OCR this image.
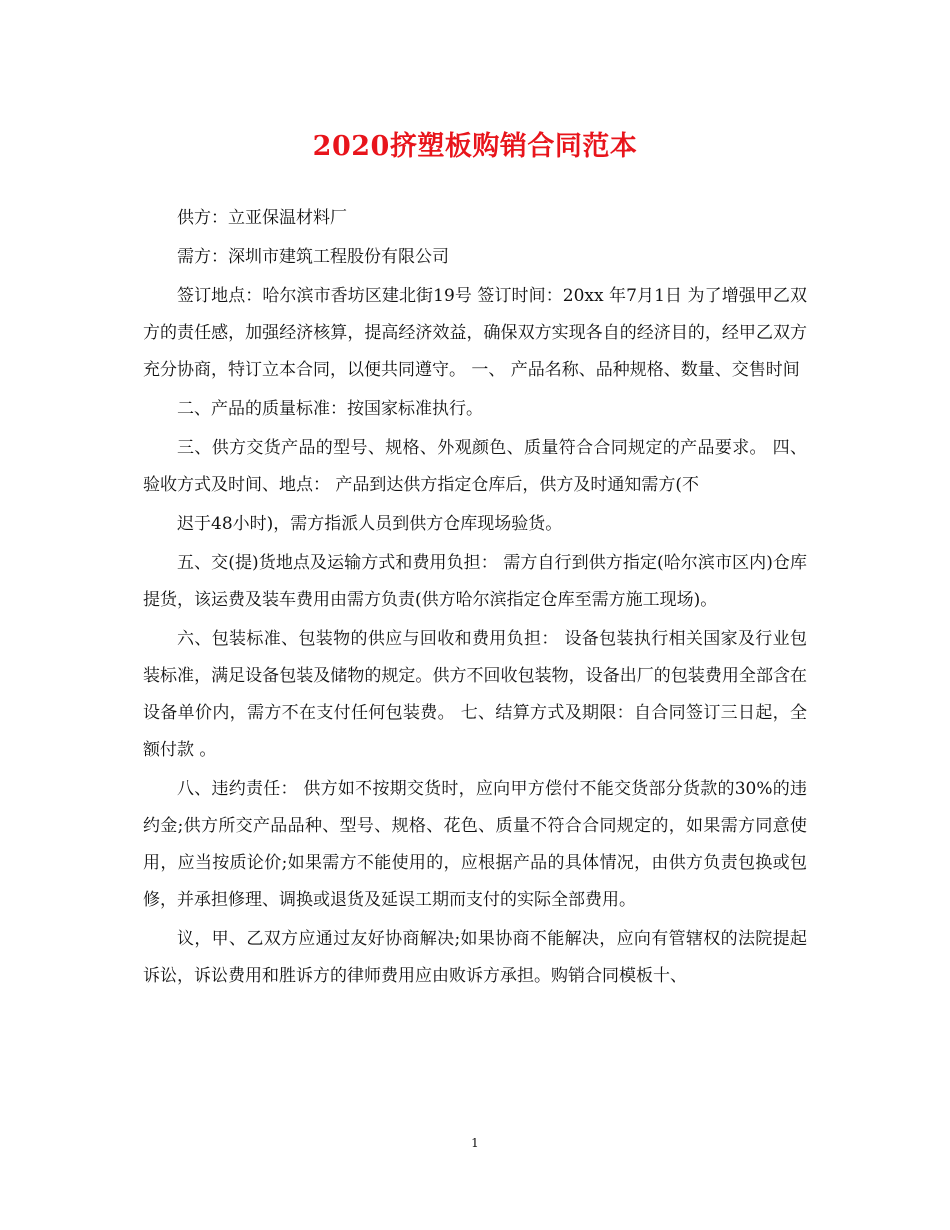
2020挤塑板购销合同范本

供方：立亚保温材料厂

需方：深圳市建筑工程股份有限公司

签订地点：哈尔滨市香坊区建北街19号 签订时间：20xx 年7月1日 为了增强甲乙双方的责任感，加强经济核算，提高经济效益，确保双方实现各自的经济目的，经甲乙双方充分协商，特订立本合同，以便共同遵守。 一、 产品名称、品种规格、数量、交售时间

二、产品的质量标准：按国家标准执行。

三、供方交货产品的型号、规格、外观颜色、质量符合合同规定的产品要求。 四、验收方式及时间、地点： 产品到达供方指定仓库后，供方及时通知需方(不

迟于48小时)，需方指派人员到供方仓库现场验货。

五、交(提)货地点及运输方式和费用负担： 需方自行到供方指定(哈尔滨市区内)仓库提货，该运费及装车费用由需方负责(供方哈尔滨指定仓库至需方施工现场)。

六、包装标准、包装物的供应与回收和费用负担： 设备包装执行相关国家及行业包装标准，满足设备包装及储物的规定。供方不回收包装物，设备出厂的包装费用全部含在设备单价内，需方不在支付任何包装费。 七、结算方式及期限：自合同签订三日起，全额付款 。

八、违约责任： 供方如不按期交货时，应向甲方偿付不能交货部分货款的30%的违约金;供方所交产品品种、型号、规格、花色、质量不符合合同规定的，如果需方同意使用，应当按质论价;如果需方不能使用的，应根据产品的具体情况，由供方负责包换或包修，并承担修理、调换或退货及延误工期而支付的实际全部费用。

议，甲、乙双方应通过友好协商解决;如果协商不能解决，应向有管辖权的法院提起诉讼，诉讼费用和胜诉方的律师费用应由败诉方承担。购销合同模板十、

1
